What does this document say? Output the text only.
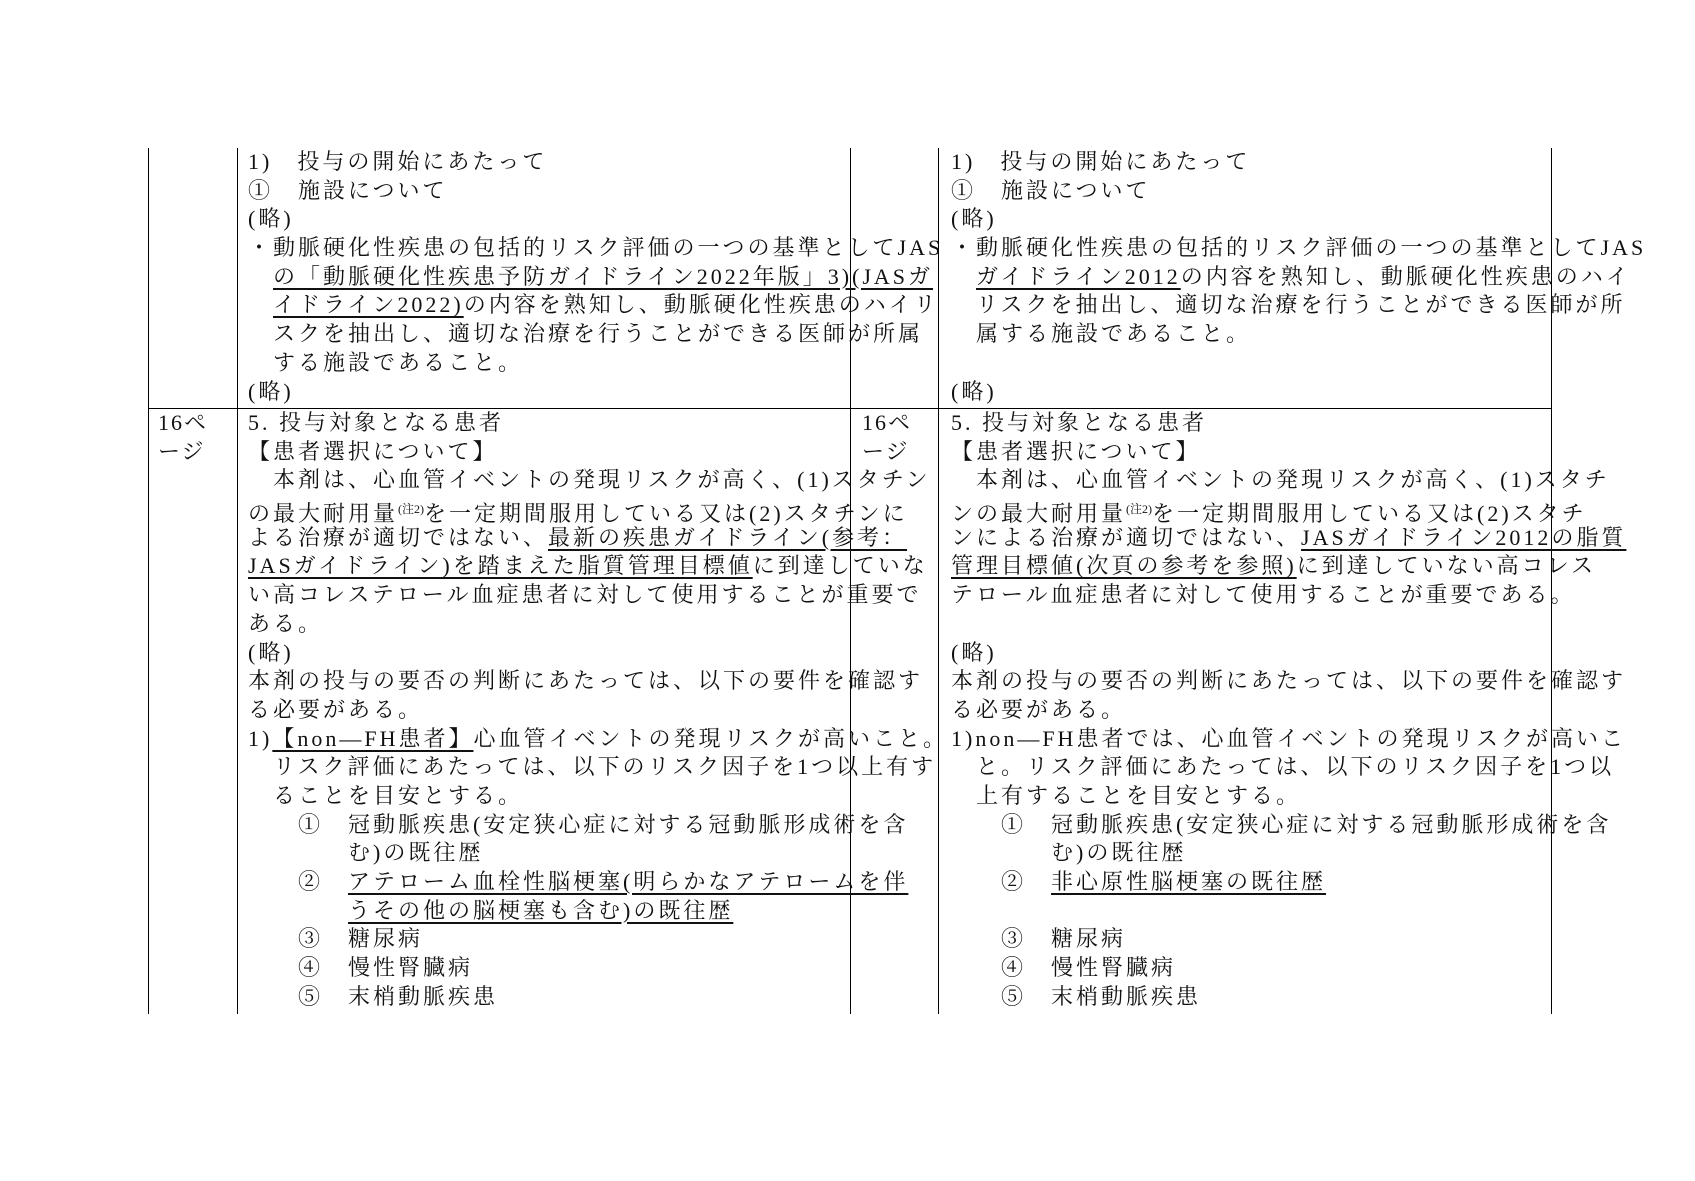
1)　投与の開始にあたって
①　施設について
(略)
・動脈硬化性疾患の包括的リスク評価の一つの基準としてJAS
　の「動脈硬化性疾患予防ガイドライン2022年版」3)(JASガ
　イドライン2022)の内容を熟知し、動脈硬化性疾患のハイリ
　スクを抽出し、適切な治療を行うことができる医師が所属
　する施設であること。
(略)
1)　投与の開始にあたって
①　施設について
(略)
・動脈硬化性疾患の包括的リスク評価の一つの基準としてJAS
　ガイドライン2012の内容を熟知し、動脈硬化性疾患のハイ
　リスクを抽出し、適切な治療を行うことができる医師が所
　属する施設であること。
(略)
16ページ
16ページ
5. 投与対象となる患者
【患者選択について】
　本剤は、心血管イベントの発現リスクが高く、(1)スタチン
の最大耐用量$^{(注2)}$を一定期間服用している又は(2)スタチンに
よる治療が適切ではない、最新の疾患ガイドライン(参考：
JASガイドライン)を踏まえた脂質管理目標値に到達していな
い高コレステロール血症患者に対して使用することが重要で
ある。
(略)
本剤の投与の要否の判断にあたっては、以下の要件を確認す
る必要がある。
1)【non―FH患者】心血管イベントの発現リスクが高いこと。
　リスク評価にあたっては、以下のリスク因子を1つ以上有す
　ることを目安とする。
　　①　冠動脈疾患(安定狭心症に対する冠動脈形成術を含
　　　　む)の既往歴
　　②　アテローム血栓性脳梗塞(明らかなアテロームを伴
　　　　うその他の脳梗塞も含む)の既往歴
　　③　糖尿病
　　④　慢性腎臓病
　　⑤　末梢動脈疾患
5. 投与対象となる患者
【患者選択について】
　本剤は、心血管イベントの発現リスクが高く、(1)スタチ
ンの最大耐用量$^{(注2)}$を一定期間服用している又は(2)スタチ
ンによる治療が適切ではない、JASガイドライン2012の脂質
管理目標値(次頁の参考を参照)に到達していない高コレス
テロール血症患者に対して使用することが重要である。
(略)
本剤の投与の要否の判断にあたっては、以下の要件を確認す
る必要がある。
1)non―FH患者では、心血管イベントの発現リスクが高いこ
　と。リスク評価にあたっては、以下のリスク因子を1つ以
　上有することを目安とする。
　　①　冠動脈疾患(安定狭心症に対する冠動脈形成術を含
　　　　む)の既往歴
　　②　非心原性脳梗塞の既往歴
　　③　糖尿病
　　④　慢性腎臓病
　　⑤　末梢動脈疾患
